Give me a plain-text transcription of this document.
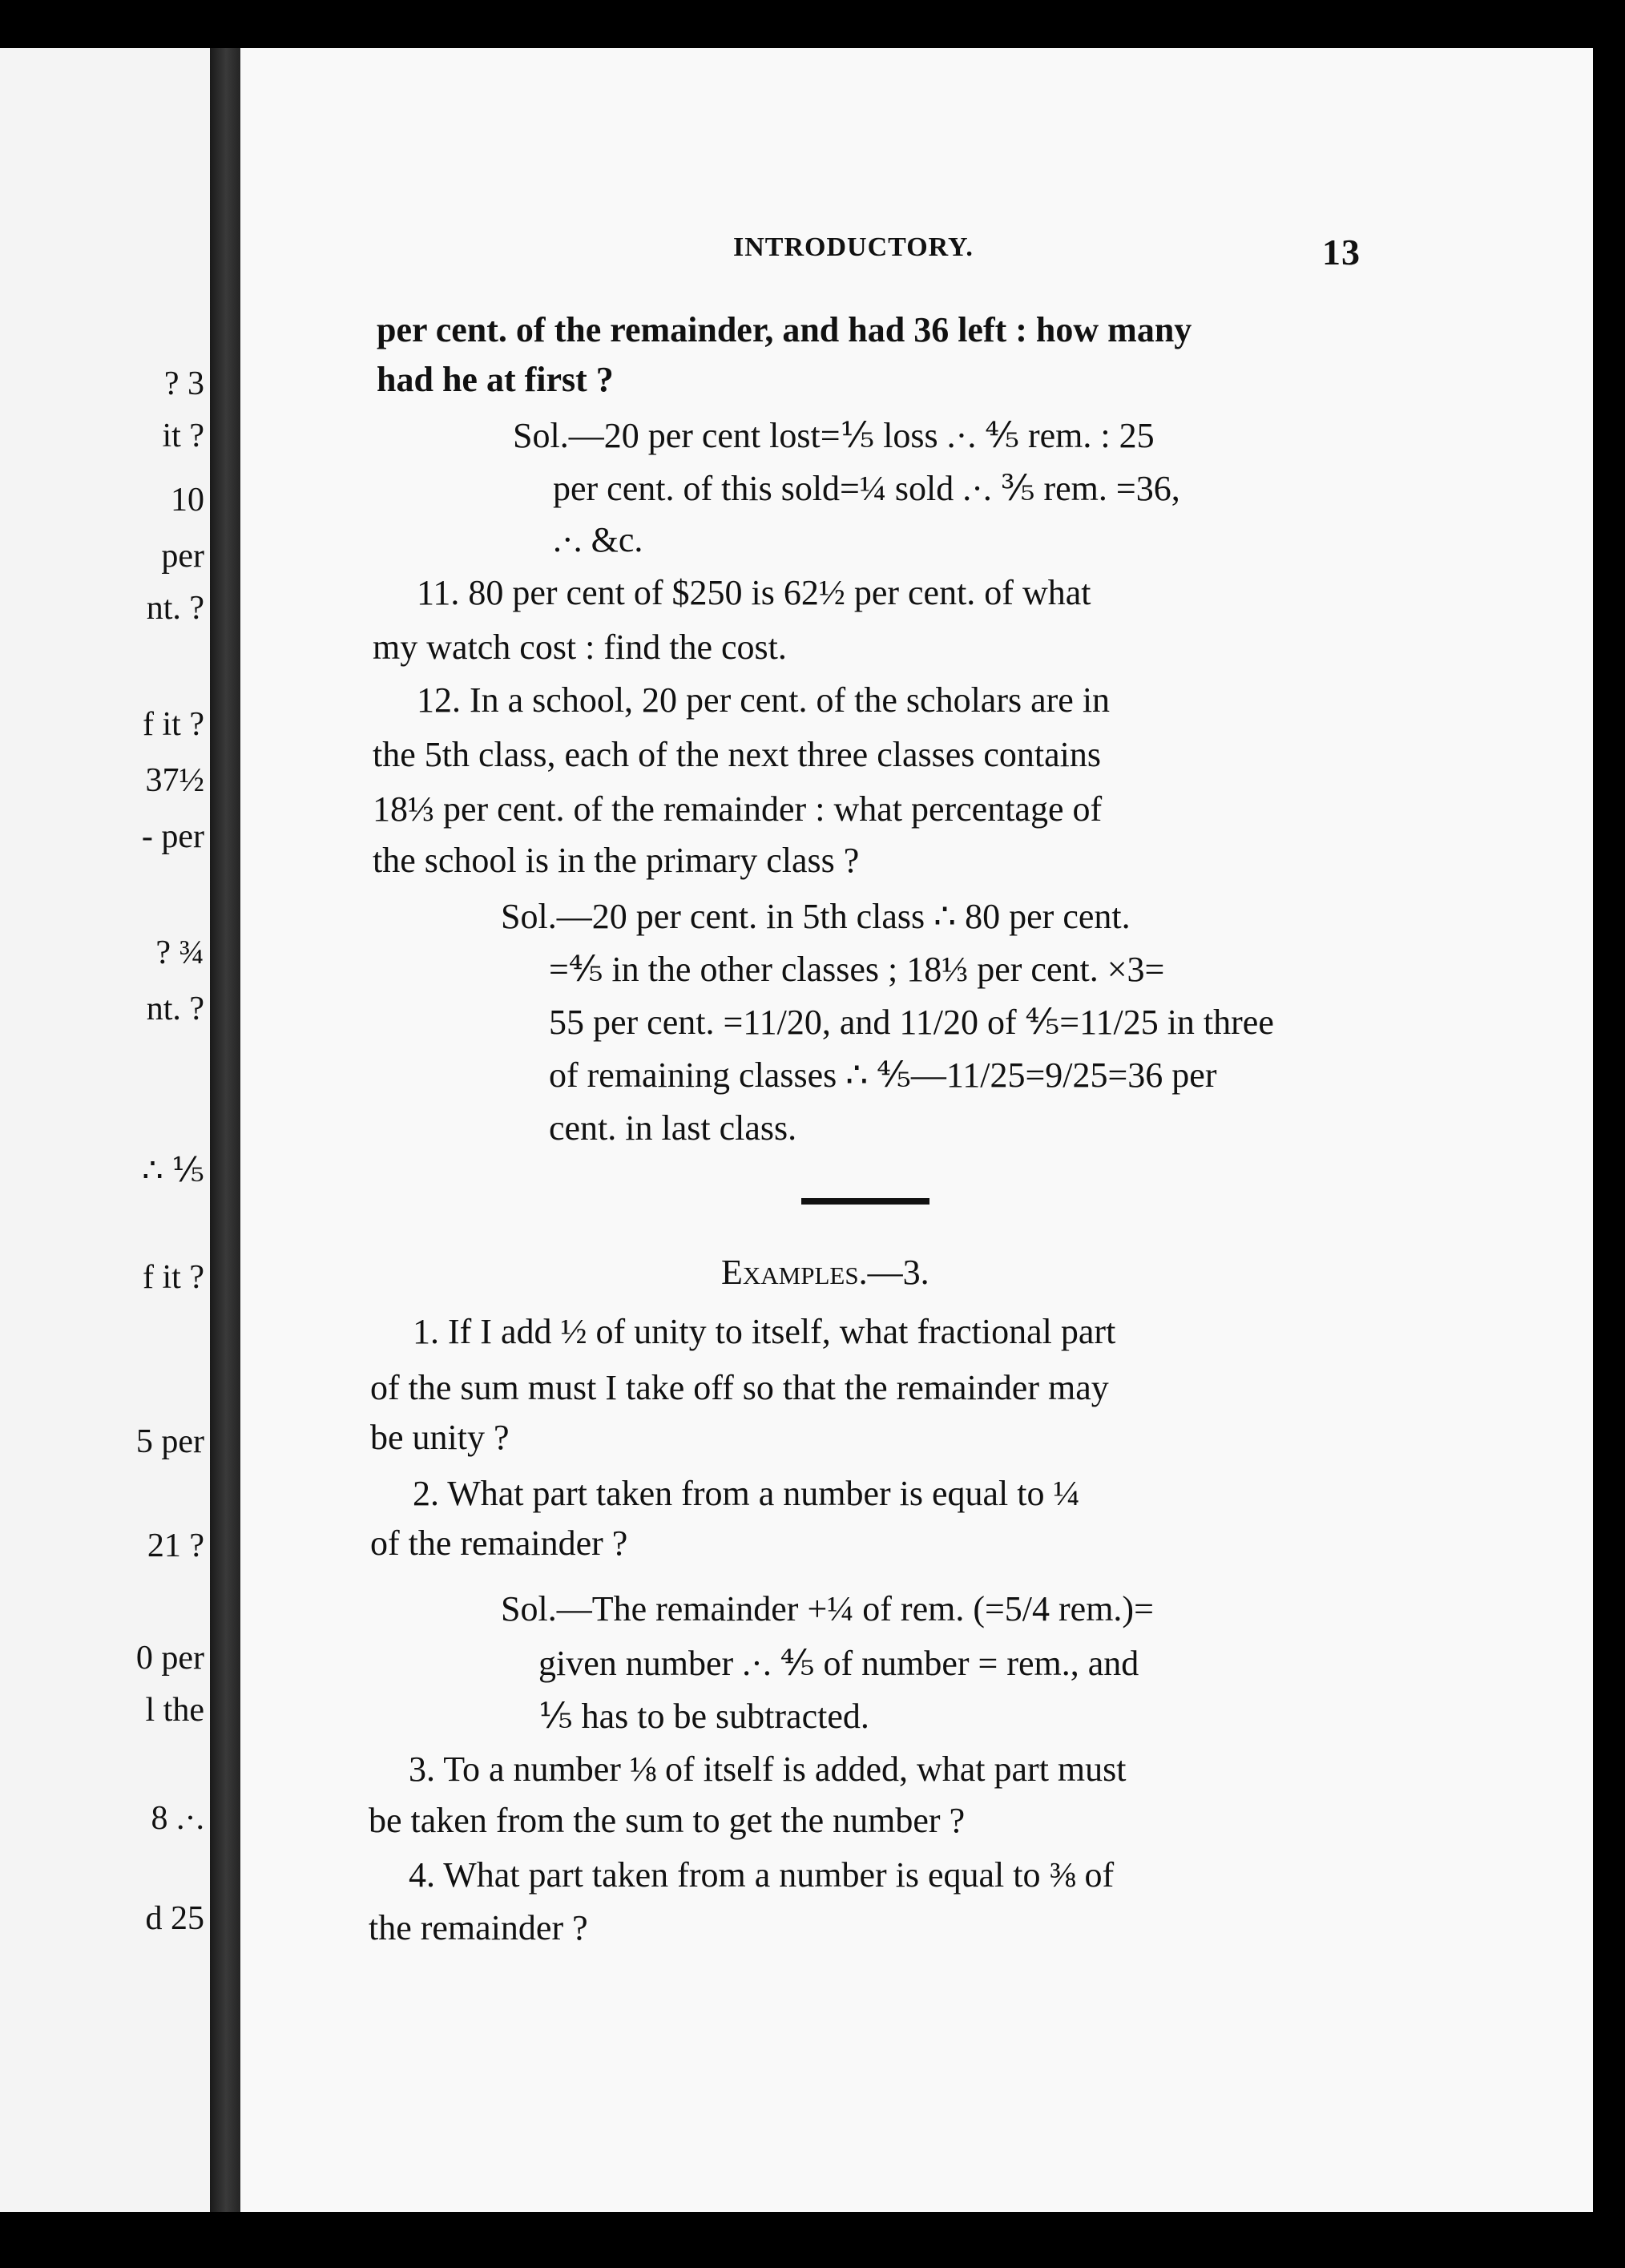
? 3
it ?
10
per
nt. ?
f it ?
37½
- per
? ¾
nt. ?
∴ ⅕
f it ?
5 per
21 ?
0 per
l the
8 .·.
d 25
INTRODUCTORY.	13
per cent. of the remainder, and had 36 left : how many
had he at first ?
Sol.—20 per cent lost=⅕ loss .·. ⅘ rem. : 25
per cent. of this sold=¼ sold .·. ⅗ rem. =36,
.·. &c.
11. 80 per cent of $250 is 62½ per cent. of what
my watch cost : find the cost.
12. In a school, 20 per cent. of the scholars are in
the 5th class, each of the next three classes contains
18⅓ per cent. of the remainder : what percentage of
the school is in the primary class ?
Sol.—20 per cent. in 5th class ∴ 80 per cent.
=⅘ in the other classes ; 18⅓ per cent. ×3=
55 per cent. =11/20, and 11/20 of ⅘=11/25 in three
of remaining classes ∴ ⅘—11/25=9/25=36 per
cent. in last class.
Examples.—3.
1. If I add ½ of unity to itself, what fractional part
of the sum must I take off so that the remainder may
be unity ?
2. What part taken from a number is equal to ¼
of the remainder ?
Sol.—The remainder +¼ of rem. (=5/4 rem.)=
given number .·. ⅘ of number = rem., and
⅕ has to be subtracted.
3. To a number ⅛ of itself is added, what part must
be taken from the sum to get the number ?
4. What part taken from a number is equal to ⅜ of
the remainder ?
